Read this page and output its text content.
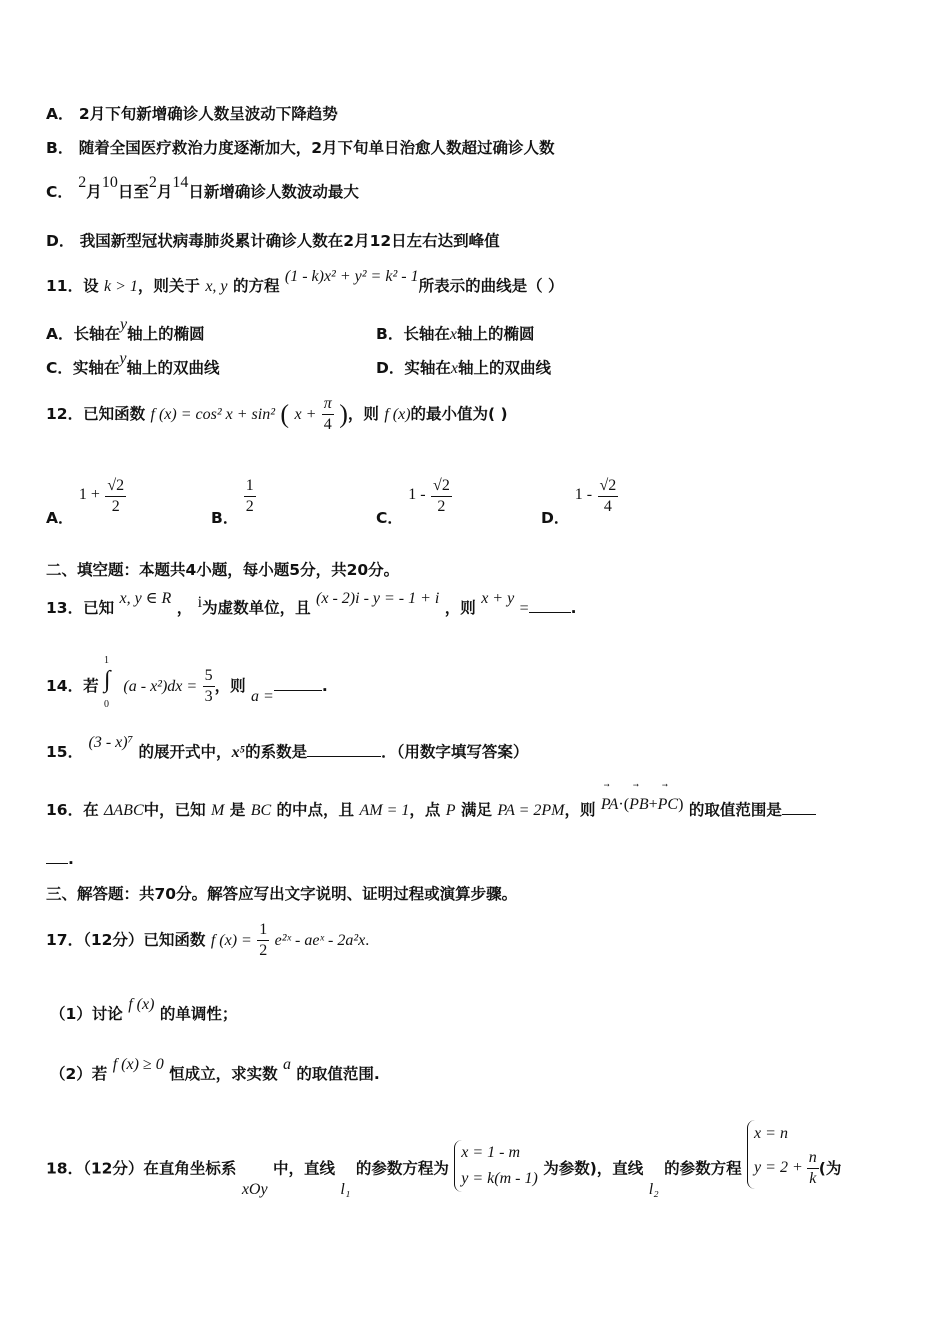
A． 2月下旬新增确诊人数呈波动下降趋势
B． 随着全国医疗救治力度逐渐加大，2月下旬单日治愈人数超过确诊人数
C． 2月10日至2月14日新增确诊人数波动最大
D． 我国新型冠状病毒肺炎累计确诊人数在2月12日左右达到峰值
11．设 k > 1，则关于 x, y 的方程 (1 - k)x² + y² = k² - 1所表示的曲线是（ ）
A．长轴在y轴上的椭圆	B．长轴在x轴上的椭圆
C．实轴在y轴上的双曲线	D．实轴在x轴上的双曲线
12．已知函数 f (x) = cos² x + sin² ( $x + \frac{\pi}{4}$ )，则 f (x)的最小值为( )
A． $1 + \frac{√2}{2}$
B．
$\frac{1}{2}$
C． $1 - \frac{√2}{2}$
D． $1 - \frac{√2}{4}$
二、填空题：本题共4小题，每小题5分，共20分。
13．已知 x, y ∈ R ， i为虚数单位，且 (x - 2)i - y = - 1 + i ，则 x + y =	.
14．若
1
∫
0
$(a - x^2)dx = \frac{5}{3}$ ，则 a =.
15． (3 - x)⁷ 的展开式中，x⁵的系数是	．（用数字填写答案）
16．在 ΔABC中，已知 M 是 BC 的中点，且 AM = 1，点 P 满足 PA = 2PM，则 ⃗ PA·(⃗ PB+⃗ PC) 的取值范围是
.
三、解答题：共70分。解答应写出文字说明、证明过程或演算步骤。
17．（12分）已知函数 f $(x) = \frac{1}{2}$ e²ˣ - aeˣ - 2a²x.
（1）讨论 f (x) 的单调性；
（2）若 f (x) ≥ 0 恒成立，求实数 a 的取值范围.
18．（12分）在直角坐标系 xOy 中，直线 l₁ 的参数方程为
x = 1 - m
y = k(m - 1)
为参数)，直线 l₂ 的参数方程
x = n
$y = 2 + \frac{n}{k}$ (为
